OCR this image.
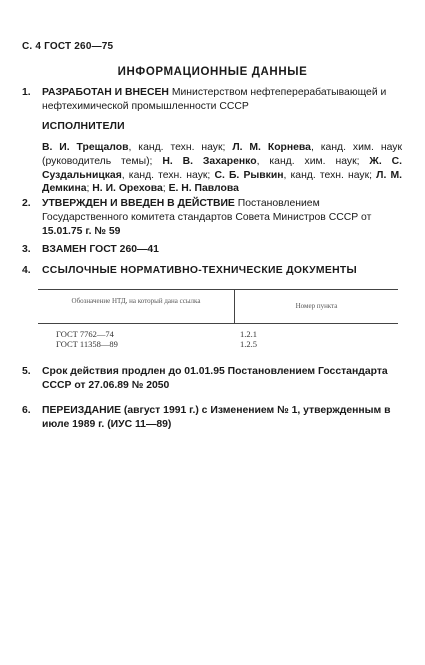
С. 4 ГОСТ 260—75
ИНФОРМАЦИОННЫЕ ДАННЫЕ
1. РАЗРАБОТАН И ВНЕСЕН Министерством нефтеперерабатывающей и нефтехимической промышленности СССР
ИСПОЛНИТЕЛИ
В. И. Трещалов, канд. техн. наук; Л. М. Корнева, канд. хим. наук (руководитель темы); Н. В. Захаренко, канд. хим. наук; Ж. С. Суздальницкая, канд. техн. наук; С. Б. Рывкин, канд. техн. наук; Л. М. Демкина; Н. И. Орехова; Е. Н. Павлова
2. УТВЕРЖДЕН И ВВЕДЕН В ДЕЙСТВИЕ Постановлением Государственного комитета стандартов Совета Министров СССР от 15.01.75 г. № 59
3. ВЗАМЕН ГОСТ 260—41
4. ССЫЛОЧНЫЕ НОРМАТИВНО-ТЕХНИЧЕСКИЕ ДОКУМЕНТЫ
Обозначение НТД, на который дана ссылка
Номер пункта
ГОСТ 7762—74	1.2.1
ГОСТ 11358—89	1.2.5
5. Срок действия продлен до 01.01.95 Постановлением Госстандарта СССР от 27.06.89 № 2050
6. ПЕРЕИЗДАНИЕ (август 1991 г.) с Изменением № 1, утвержденным в июле 1989 г. (ИУС 11—89)
